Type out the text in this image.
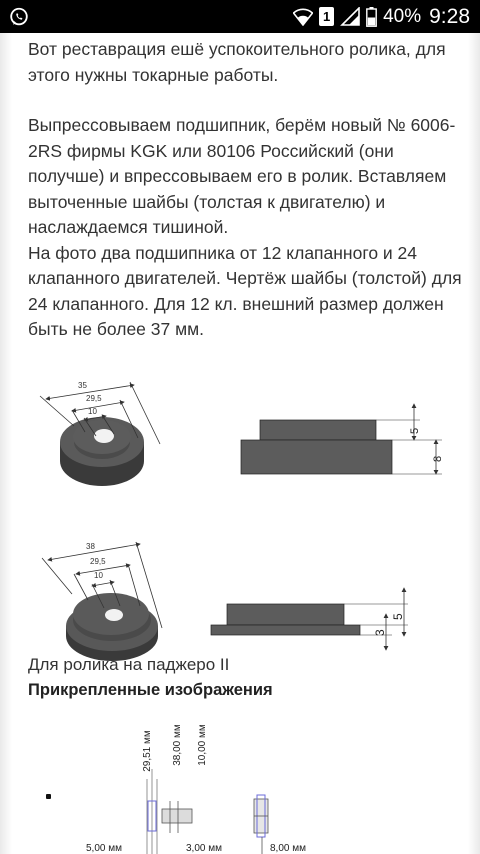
1	40% 9:28

Вот реставрация ешё успокоительного ролика, для этого нужны токарные работы.

Выпрессовываем подшипник, берём новый № 6006-2RS фирмы KGK или 80106 Российский (они получше) и впрессовываем его в ролик. Вставляем выточенные шайбы (толстая к двигателю) и наслаждаемся тишиной.

На фото два подшипника от 12 клапанного и 24 клапанного двигателей. Чертёж шайбы (толстой) для 24 клапанного. Для 12 кл. внешний размер должен быть не более 37 мм.

35
29,5
10
5
8
38
29,5
10
5
3
Для ролика на паджеро II
Прикрепленные изображения
29,51 мм 38,00 мм 10,00 мм
5,00 мм	3,00 мм	8,00 мм
